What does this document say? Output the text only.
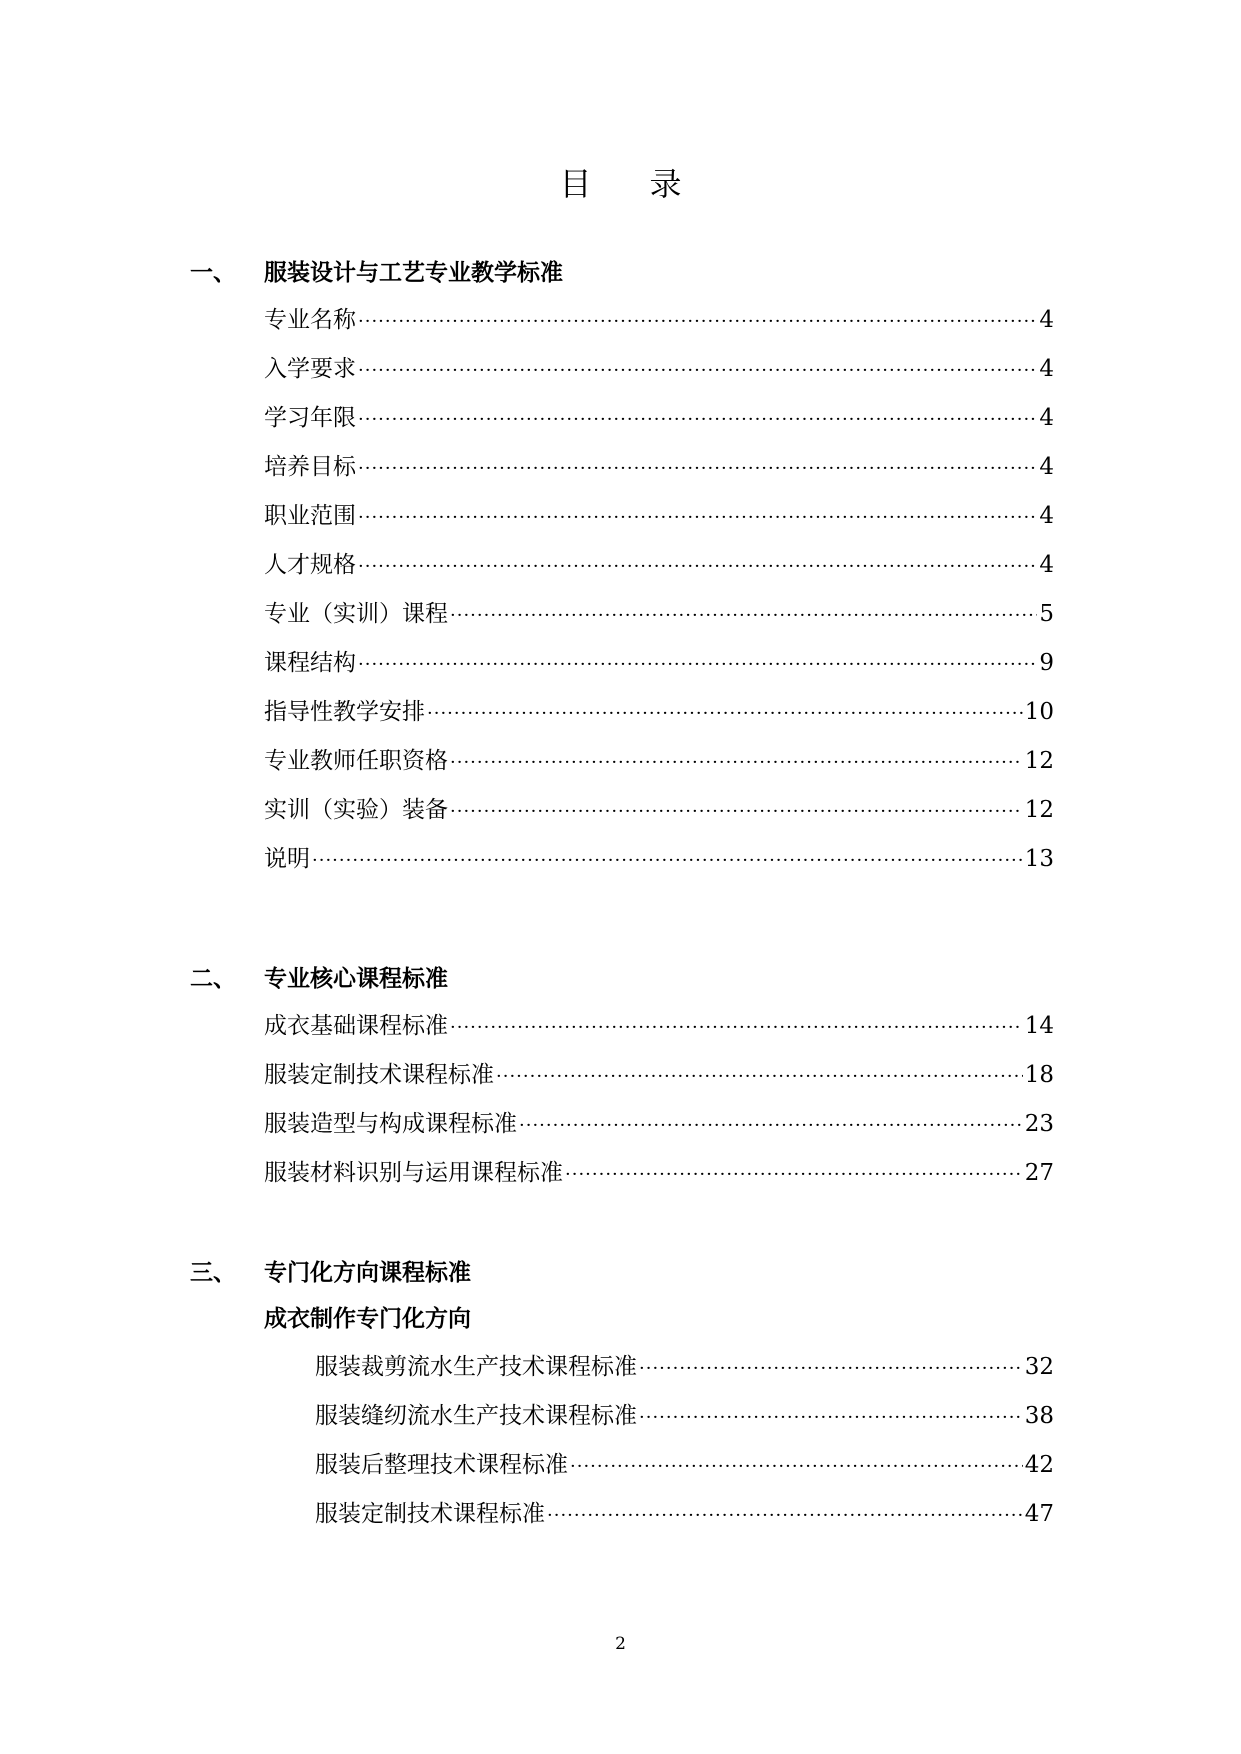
目录
一、 服装设计与工艺专业教学标准
专业名称 ·····	4
入学要求 ·····	4
学习年限 ·····	4
培养目标 ·····	4
职业范围 ·····	4
人才规格 ·····	4
专业（实训）课程 ·····	5
课程结构 ·····	9
指导性教学安排 ·····	10
专业教师任职资格 ·····	12
实训（实验）装备 ·····	12
说明 ·····	13
二、 专业核心课程标准
成衣基础课程标准 ·····	14
服装定制技术课程标准 ·····	18
服装造型与构成课程标准 ·····	23
服装材料识别与运用课程标准 ·····	27
三、 专门化方向课程标准
成衣制作专门化方向
服装裁剪流水生产技术课程标准 ·····	32
服装缝纫流水生产技术课程标准 ·····	38
服装后整理技术课程标准 ·····	42
服装定制技术课程标准 ·····	47
2
